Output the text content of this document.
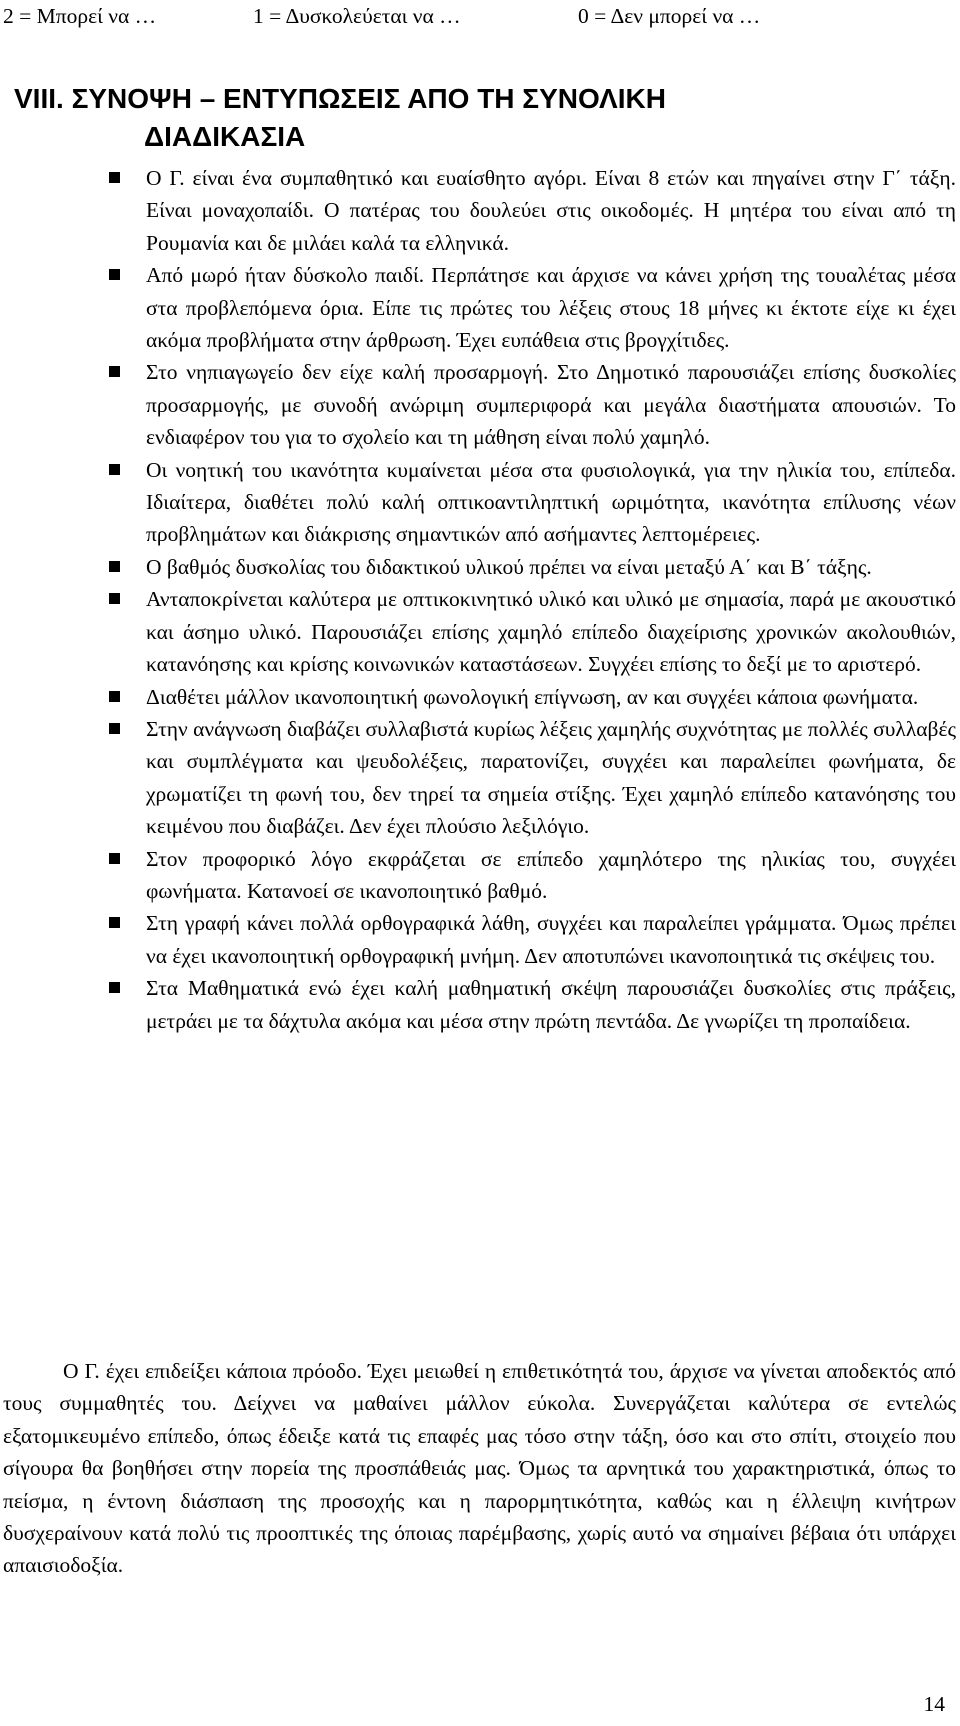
2 = Μπορεί να …

	1 = Δυσκολεύεται να …

	0 = Δεν μπορεί να …

VIII. ΣΥΝΟΨΗ – ΕΝΤΥΠΩΣΕΙΣ ΑΠΟ ΤΗ ΣΥΝΟΛΙΚΗ
ΔΙΑΔΙΚΑΣΙΑ
Ο Γ. είναι ένα συμπαθητικό και ευαίσθητο αγόρι. Είναι 8 ετών και πηγαίνει στην Γ΄ τάξη. Είναι μοναχοπαίδι. Ο πατέρας του δουλεύει στις οικοδομές. Η μητέρα του είναι από τη Ρουμανία και δε μιλάει καλά τα ελληνικά.
Από μωρό ήταν δύσκολο παιδί. Περπάτησε και άρχισε να κάνει χρήση της τουαλέτας μέσα στα προβλεπόμενα όρια. Είπε τις πρώτες του λέξεις στους 18 μήνες κι έκτοτε είχε κι έχει ακόμα προβλήματα στην άρθρωση. Έχει ευπάθεια στις βρογχίτιδες.
Στο νηπιαγωγείο δεν είχε καλή προσαρμογή. Στο Δημοτικό παρουσιάζει επίσης δυσκολίες προσαρμογής, με συνοδή ανώριμη συμπεριφορά και μεγάλα διαστήματα απουσιών. Το ενδιαφέρον του για το σχολείο και τη μάθηση είναι πολύ χαμηλό.
Οι νοητική του ικανότητα κυμαίνεται μέσα στα φυσιολογικά, για την ηλικία του, επίπεδα. Ιδιαίτερα, διαθέτει πολύ καλή οπτικοαντιληπτική ωριμότητα, ικανότητα επίλυσης νέων προβλημάτων και διάκρισης σημαντικών από ασήμαντες λεπτομέρειες.
Ο βαθμός δυσκολίας του διδακτικού υλικού πρέπει να είναι μεταξύ Α΄ και Β΄ τάξης.
Ανταποκρίνεται καλύτερα με οπτικοκινητικό υλικό και υλικό με σημασία, παρά με ακουστικό και άσημο υλικό. Παρουσιάζει επίσης χαμηλό επίπεδο διαχείρισης χρονικών ακολουθιών, κατανόησης και κρίσης κοινωνικών καταστάσεων. Συγχέει επίσης το δεξί με το αριστερό.
Διαθέτει μάλλον ικανοποιητική φωνολογική επίγνωση, αν και συγχέει κάποια φωνήματα.
Στην ανάγνωση διαβάζει συλλαβιστά κυρίως λέξεις χαμηλής συχνότητας με πολλές συλλαβές και συμπλέγματα και ψευδολέξεις, παρατονίζει, συγχέει και παραλείπει φωνήματα, δε χρωματίζει τη φωνή του, δεν τηρεί τα σημεία στίξης. Έχει χαμηλό επίπεδο κατανόησης του κειμένου που διαβάζει. Δεν έχει πλούσιο λεξιλόγιο.
Στον προφορικό λόγο εκφράζεται σε επίπεδο χαμηλότερο της ηλικίας του, συγχέει φωνήματα. Κατανοεί σε ικανοποιητικό βαθμό.
Στη γραφή κάνει πολλά ορθογραφικά λάθη, συγχέει και παραλείπει γράμματα. Όμως πρέπει να έχει ικανοποιητική ορθογραφική μνήμη. Δεν αποτυπώνει ικανοποιητικά τις σκέψεις του.
Στα Μαθηματικά ενώ έχει καλή μαθηματική σκέψη παρουσιάζει δυσκολίες στις πράξεις, μετράει με τα δάχτυλα ακόμα και μέσα στην πρώτη πεντάδα. Δε γνωρίζει τη προπαίδεια.

Ο Γ. έχει επιδείξει κάποια πρόοδο. Έχει μειωθεί η επιθετικότητά του, άρχισε να γίνεται αποδεκτός από τους συμμαθητές του. Δείχνει να μαθαίνει μάλλον εύκολα. Συνεργάζεται καλύτερα σε εντελώς εξατομικευμένο επίπεδο, όπως έδειξε κατά τις επαφές μας τόσο στην τάξη, όσο και στο σπίτι, στοιχείο που σίγουρα θα βοηθήσει στην πορεία της προσπάθειάς μας. Όμως τα αρνητικά του χαρακτηριστικά, όπως το πείσμα, η έντονη διάσπαση της προσοχής και η παρορμητικότητα, καθώς και η έλλειψη κινήτρων δυσχεραίνουν κατά πολύ τις προοπτικές της όποιας παρέμβασης, χωρίς αυτό να σημαίνει βέβαια ότι υπάρχει απαισιοδοξία.

14
